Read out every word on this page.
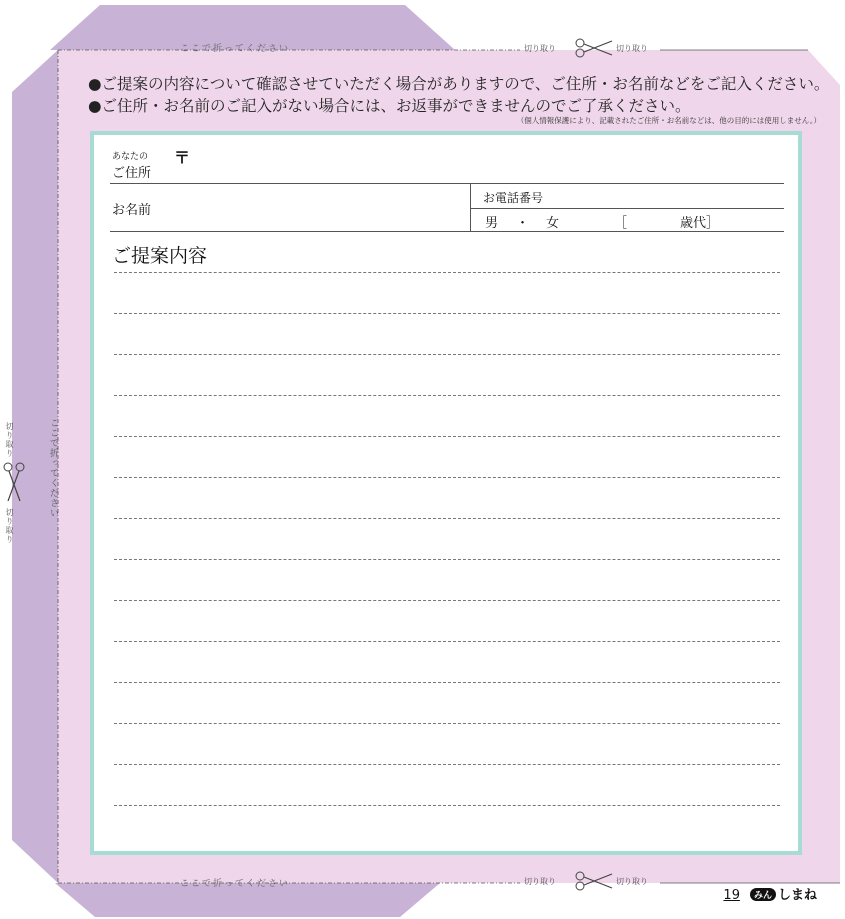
ここで折ってください
ここで折ってください
切り取り	切り取り
切り取り	切り取り
ここで折ってください
切り取り
切り取り
●ご提案の内容について確認させていただく場合がありますので、ご住所・お名前などをご記入ください。
●ご住所・お名前のご記入がない場合には、お返事ができませんのでご了承ください。
（個人情報保護により、記載されたご住所・お名前などは、他の目的には使用しません。）
あなたの
ご住所
〒
お名前
お電話番号
男 ・ 女	［	歳代］
ご提案内容
19 みん しまね
